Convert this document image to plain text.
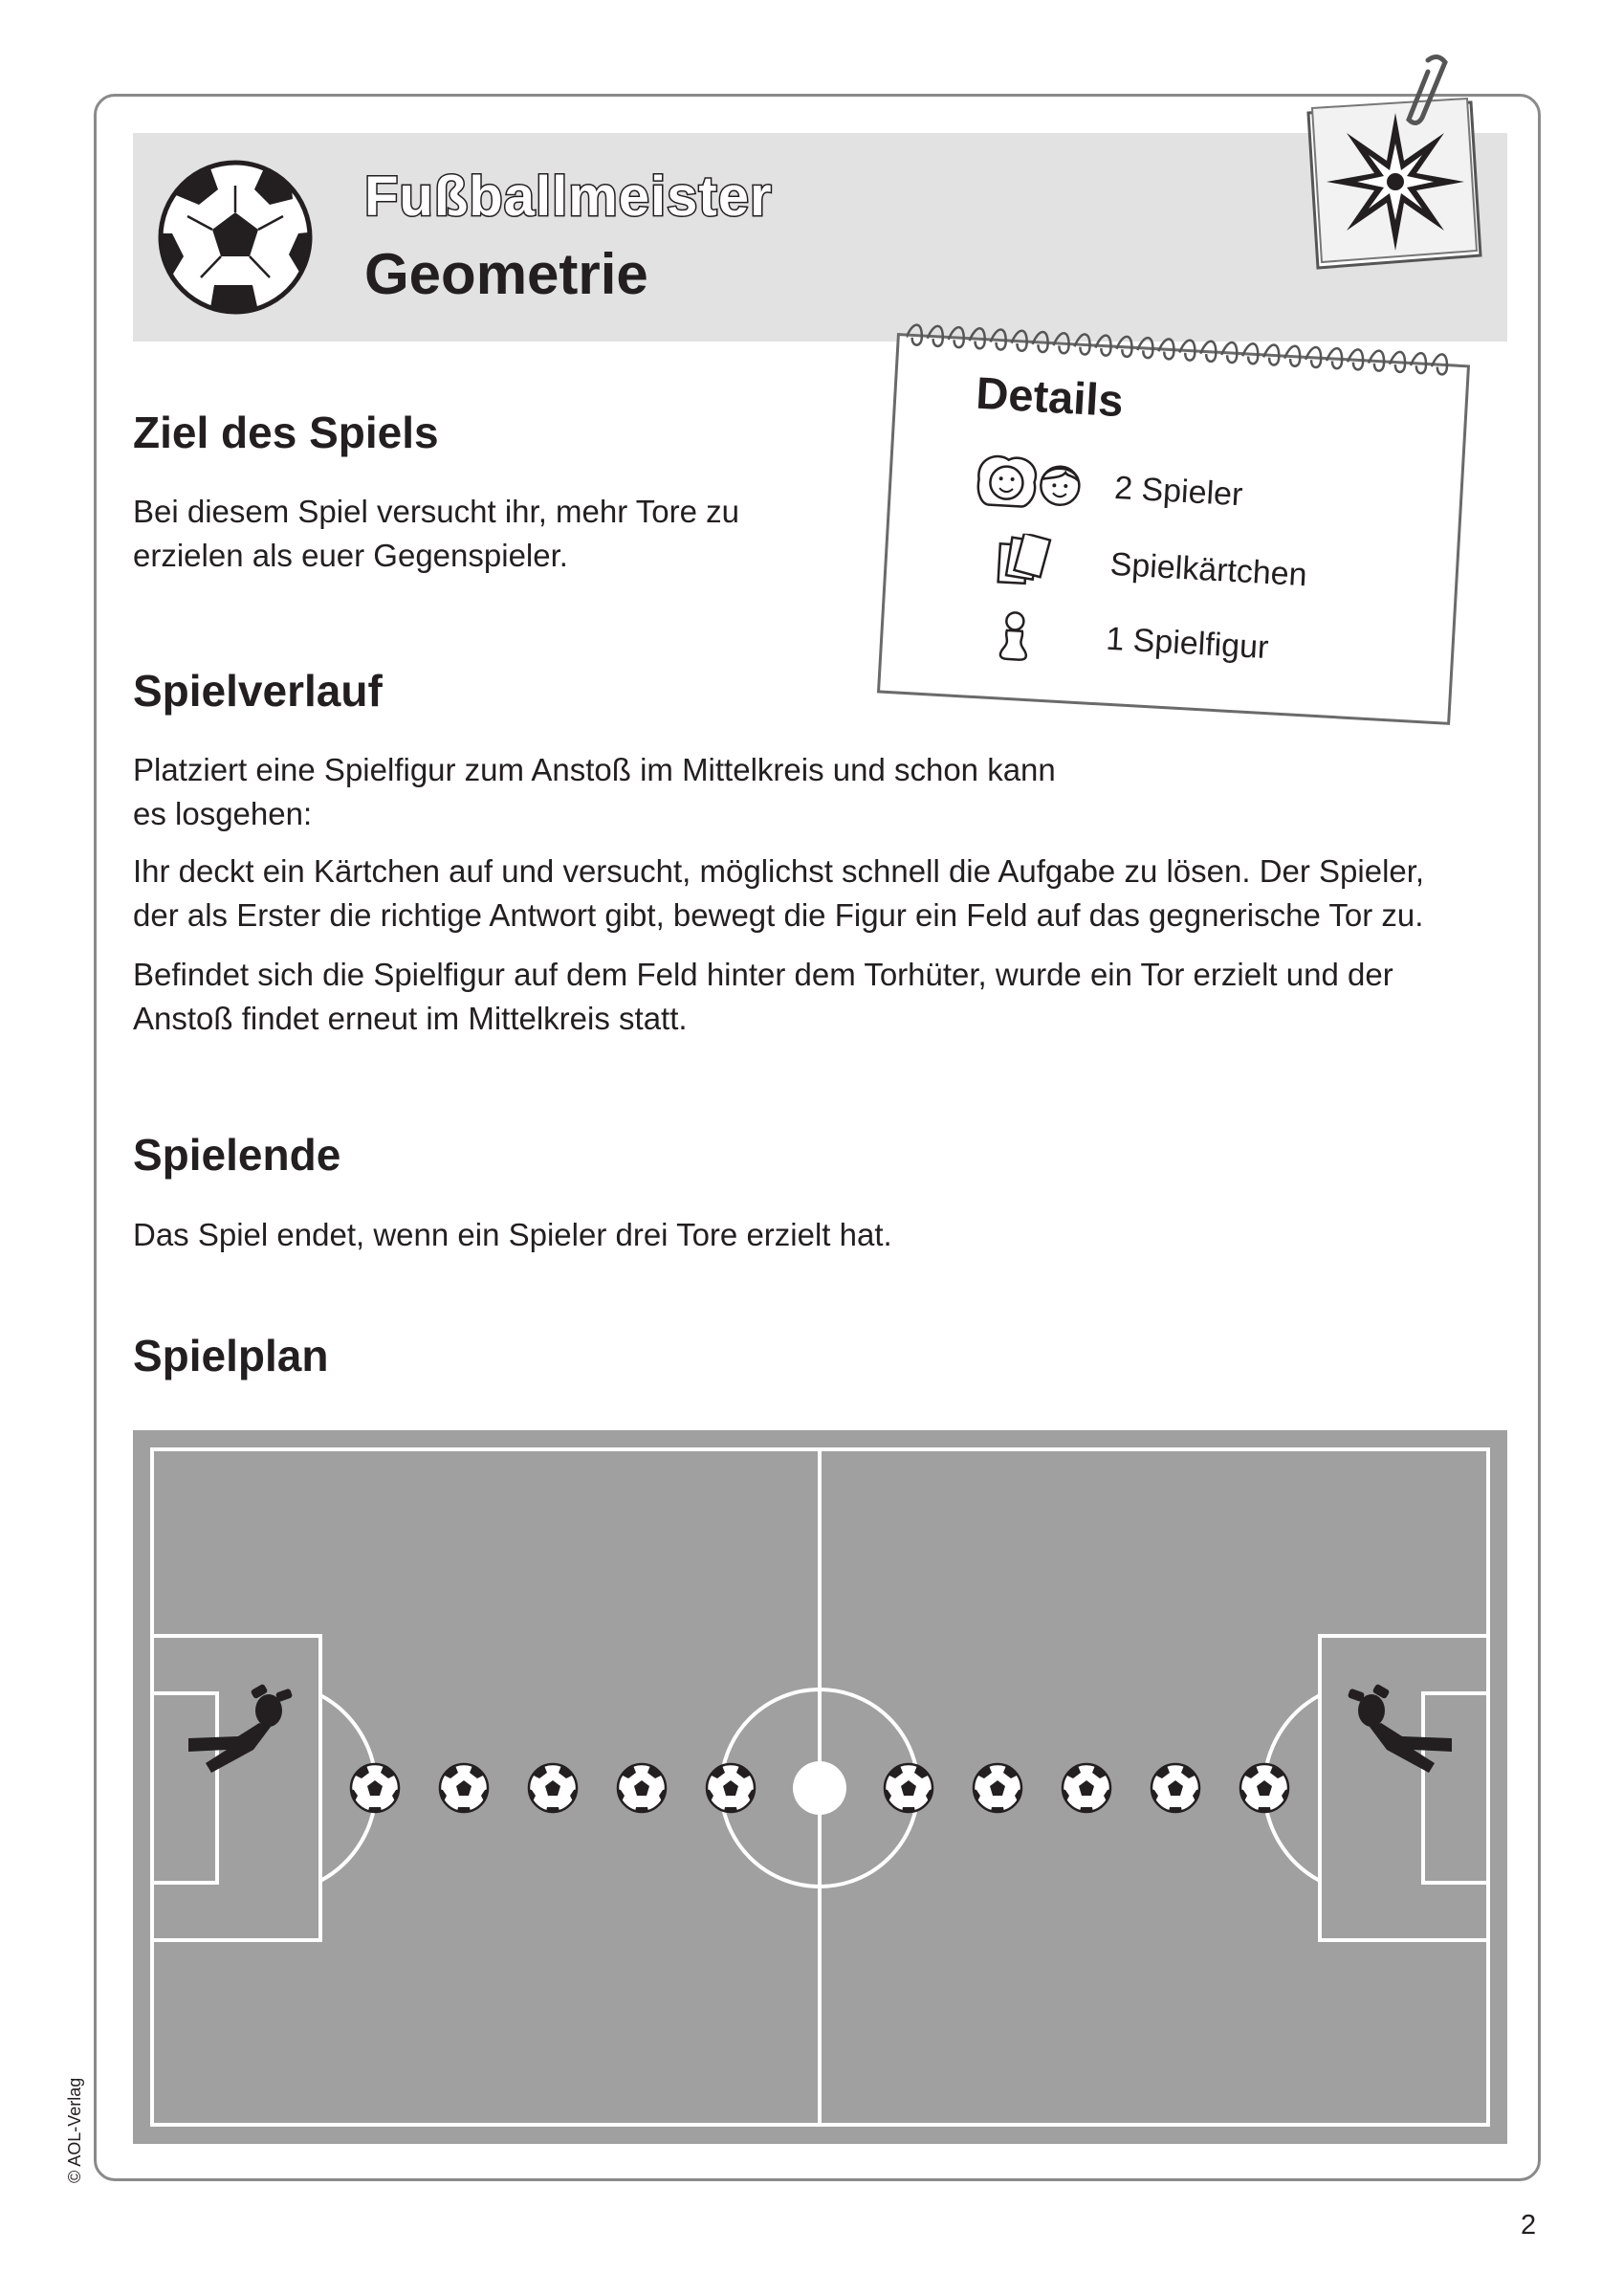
Fußballmeister
Geometrie
Details
2 Spieler
Spielkärtchen
1 Spielfigur
Ziel des Spiels

Bei diesem Spiel versucht ihr, mehr Tore zu

erzielen als euer Gegenspieler.

Spielverlauf

Platziert eine Spielfigur zum Anstoß im Mittelkreis und schon kann

es losgehen:

Ihr deckt ein Kärtchen auf und versucht, möglichst schnell die Aufgabe zu lösen. Der Spieler,

der als Erster die richtige Antwort gibt, bewegt die Figur ein Feld auf das gegnerische Tor zu.

Befindet sich die Spielfigur auf dem Feld hinter dem Torhüter, wurde ein Tor erzielt und der

Anstoß findet erneut im Mittelkreis statt.

Spielende

Das Spiel endet, wenn ein Spieler drei Tore erzielt hat.

Spielplan
© AOL-Verlag
2
